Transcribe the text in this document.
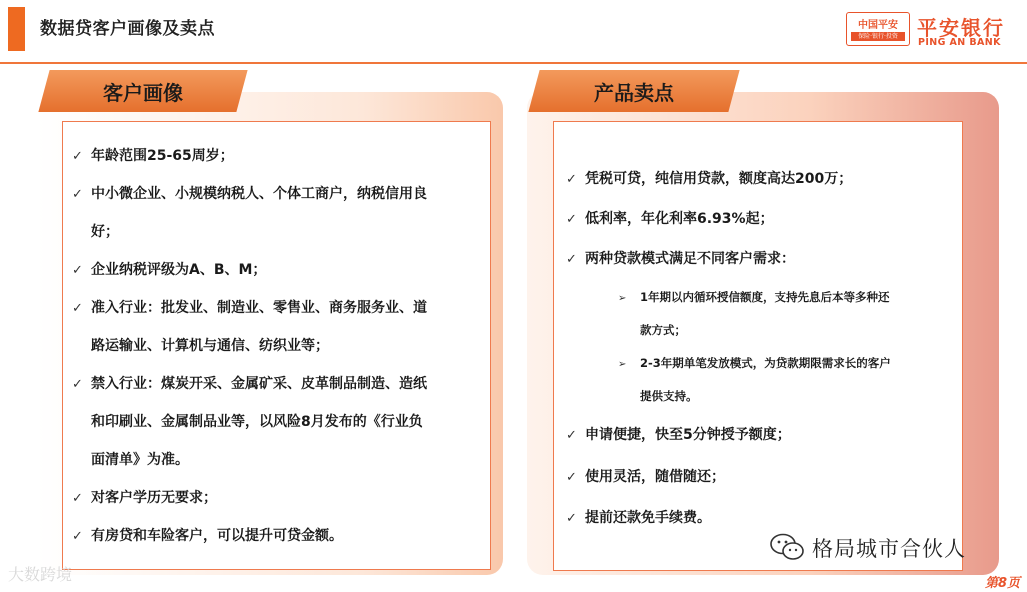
数据贷客户画像及卖点	中国平安
保险·银行·投资 平安银行
PING AN BANK
客户画像
✓ 年龄范围25-65周岁；
✓ 中小微企业、小规模纳税人、个体工商户，纳税信用良
好；
✓ 企业纳税评级为A、B、M；
✓ 准入行业：批发业、制造业、零售业、商务服务业、道
路运输业、计算机与通信、纺织业等；
✓ 禁入行业：煤炭开采、金属矿采、皮革制品制造、造纸
和印刷业、金属制品业等，以风险8月发布的《行业负
面清单》为准。
✓ 对客户学历无要求；
✓ 有房贷和车险客户，可以提升可贷金额。
产品卖点
✓ 凭税可贷，纯信用贷款，额度高达200万；
✓ 低利率，年化利率6.93%起；
✓ 两种贷款模式满足不同客户需求：
➢ 1年期以内循环授信额度，支持先息后本等多种还
款方式；
➢ 2-3年期单笔发放模式，为贷款期限需求长的客户
提供支持。
✓ 申请便捷，快至5分钟授予额度；
✓ 使用灵活，随借随还；
✓ 提前还款免手续费。
大数跨境
格局城市合伙人
第8页
